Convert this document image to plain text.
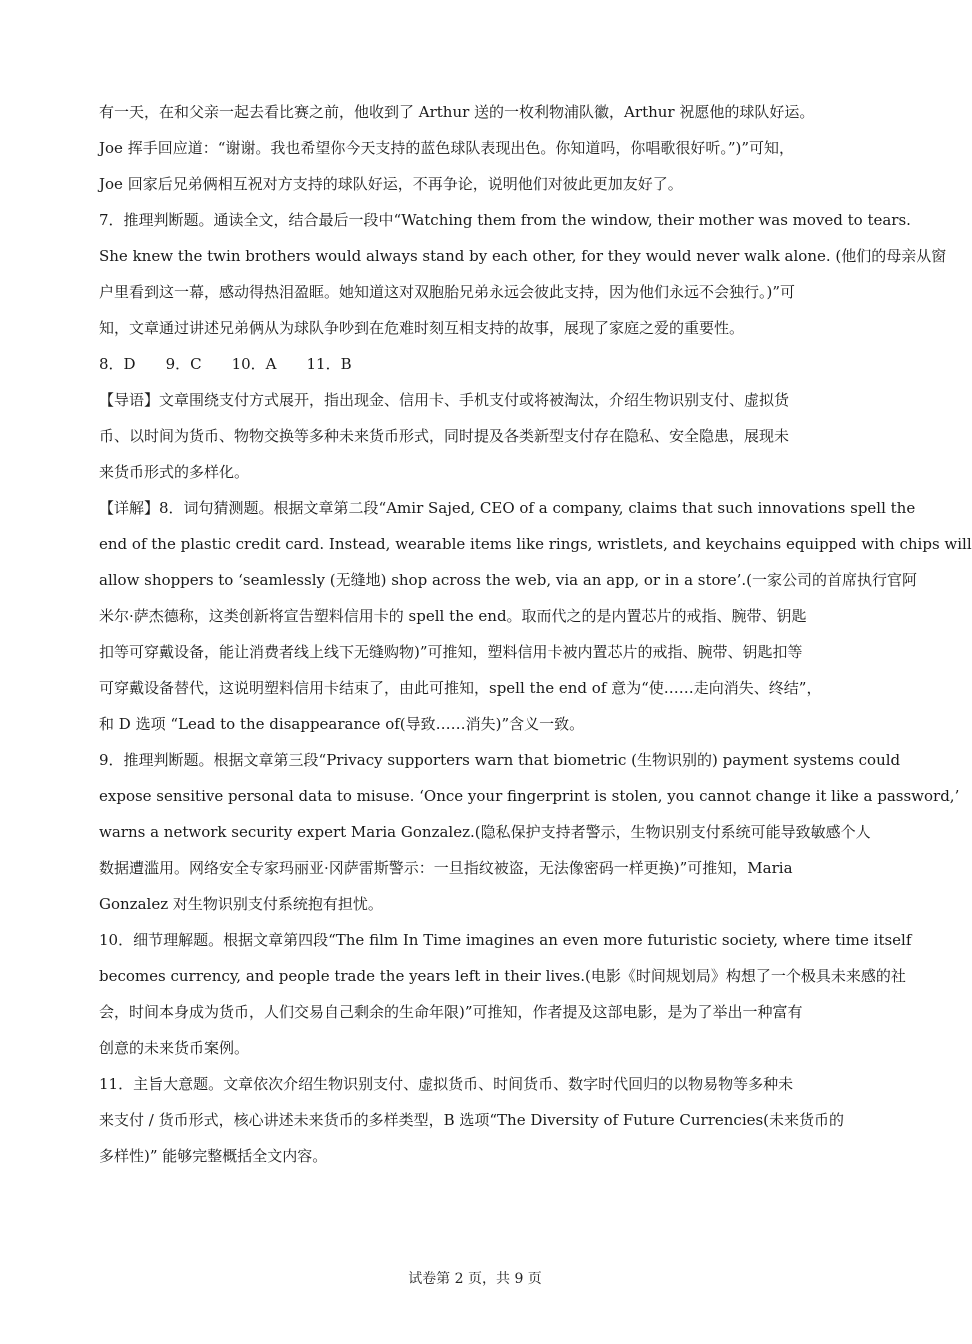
有一天，在和父亲一起去看比赛之前，他收到了 Arthur 送的一枚利物浦队徽，Arthur 祝愿他的球队好运。
Joe 挥手回应道：“谢谢。我也希望你今天支持的蓝色球队表现出色。你知道吗，你唱歌很好听。”)”可知，
Joe 回家后兄弟俩相互祝对方支持的球队好运，不再争论，说明他们对彼此更加友好了。
7．推理判断题。通读全文，结合最后一段中“Watching them from the window, their mother was moved to tears.
She knew the twin brothers would always stand by each other, for they would never walk alone. (他们的母亲从窗
户里看到这一幕，感动得热泪盈眶。她知道这对双胞胎兄弟永远会彼此支持，因为他们永远不会独行。)”可
知，文章通过讲述兄弟俩从为球队争吵到在危难时刻互相支持的故事，展现了家庭之爱的重要性。
8．D　　9．C　　10．A　　11．B
【导语】文章围绕支付方式展开，指出现金、信用卡、手机支付或将被淘汰，介绍生物识别支付、虚拟货
币、以时间为货币、物物交换等多种未来货币形式，同时提及各类新型支付存在隐私、安全隐患，展现未
来货币形式的多样化。
【详解】8．词句猜测题。根据文章第二段“Amir Sajed, CEO of a company, claims that such innovations spell the
end of the plastic credit card. Instead, wearable items like rings, wristlets, and keychains equipped with chips will
allow shoppers to ‘seamlessly (无缝地) shop across the web, via an app, or in a store’.(一家公司的首席执行官阿
米尔·萨杰德称，这类创新将宣告塑料信用卡的 spell the end。取而代之的是内置芯片的戒指、腕带、钥匙
扣等可穿戴设备，能让消费者线上线下无缝购物)”可推知，塑料信用卡被内置芯片的戒指、腕带、钥匙扣等
可穿戴设备替代，这说明塑料信用卡结束了，由此可推知，spell the end of 意为“使……走向消失、终结”，
和 D 选项 “Lead to the disappearance of(导致……消失)”含义一致。
9．推理判断题。根据文章第三段“Privacy supporters warn that biometric (生物识别的) payment systems could
expose sensitive personal data to misuse. ‘Once your fingerprint is stolen, you cannot change it like a password,’
warns a network security expert Maria Gonzalez.(隐私保护支持者警示，生物识别支付系统可能导致敏感个人
数据遭滥用。网络安全专家玛丽亚·冈萨雷斯警示：一旦指纹被盗，无法像密码一样更换)”可推知，Maria
Gonzalez 对生物识别支付系统抱有担忧。
10．细节理解题。根据文章第四段“The film In Time imagines an even more futuristic society, where time itself
becomes currency, and people trade the years left in their lives.(电影《时间规划局》构想了一个极具未来感的社
会，时间本身成为货币，人们交易自己剩余的生命年限)”可推知，作者提及这部电影，是为了举出一种富有
创意的未来货币案例。
11．主旨大意题。文章依次介绍生物识别支付、虚拟货币、时间货币、数字时代回归的以物易物等多种未
来支付 / 货币形式，核心讲述未来货币的多样类型，B 选项“The Diversity of Future Currencies(未来货币的
多样性)” 能够完整概括全文内容。
试卷第 2 页，共 9 页
